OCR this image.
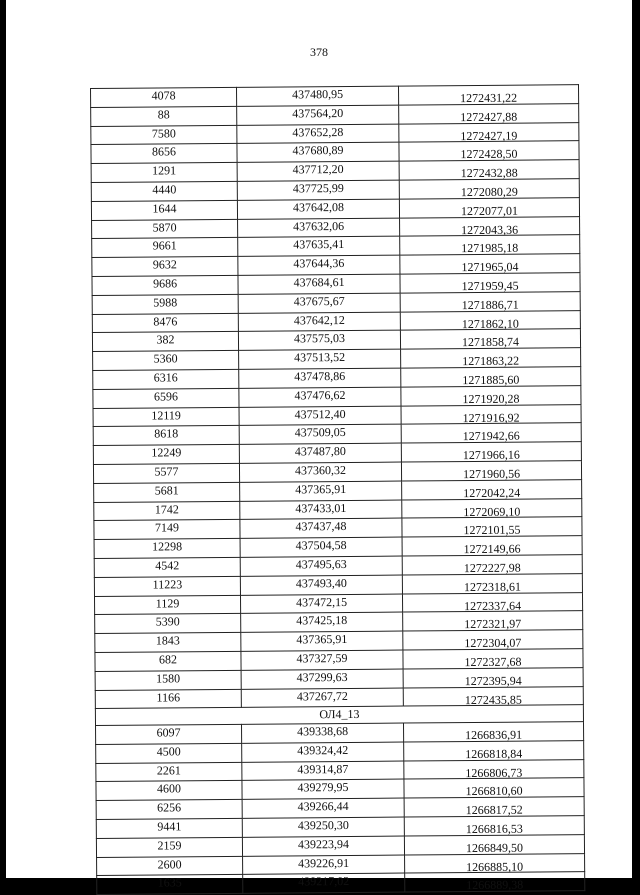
378
4078	437480,95	1272431,22
88	437564,20	1272427,88
7580	437652,28	1272427,19
8656	437680,89	1272428,50
1291	437712,20	1272432,88
4440	437725,99	1272080,29
1644	437642,08	1272077,01
5870	437632,06	1272043,36
9661	437635,41	1271985,18
9632	437644,36	1271965,04
9686	437684,61	1271959,45
5988	437675,67	1271886,71
8476	437642,12	1271862,10
382	437575,03	1271858,74
5360	437513,52	1271863,22
6316	437478,86	1271885,60
6596	437476,62	1271920,28
12119	437512,40	1271916,92
8618	437509,05	1271942,66
12249	437487,80	1271966,16
5577	437360,32	1271960,56
5681	437365,91	1272042,24
1742	437433,01	1272069,10
7149	437437,48	1272101,55
12298	437504,58	1272149,66
4542	437495,63	1272227,98
11223	437493,40	1272318,61
1129	437472,15	1272337,64
5390	437425,18	1272321,97
1843	437365,91	1272304,07
682	437327,59	1272327,68
1580	437299,63	1272395,94
1166	437267,72	1272435,85
ОЛ4_13		
6097	439338,68	1266836,91
4500	439324,42	1266818,84
2261	439314,87	1266806,73
4600	439279,95	1266810,60
6256	439266,44	1266817,52
9441	439250,30	1266816,53
2159	439223,94	1266849,50
2600	439226,91	1266885,10
1635	439217,02	1266889,38
